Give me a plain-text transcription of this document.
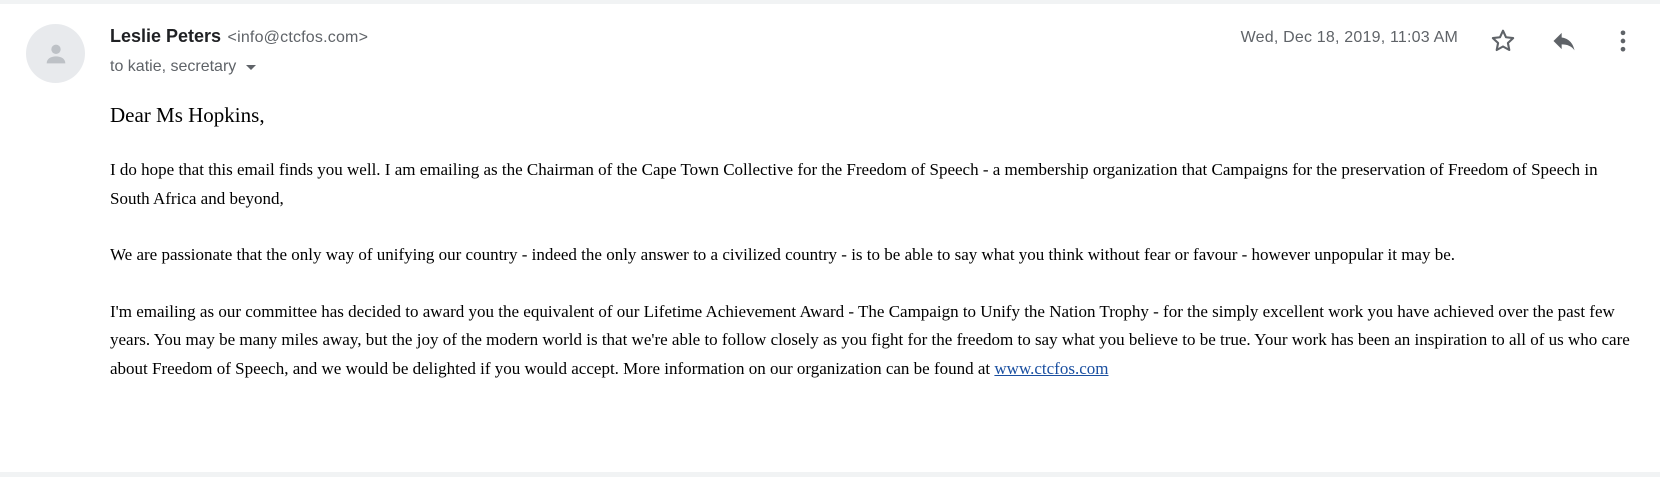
Leslie Peters <info@ctcfos.com>
to katie, secretary
Wed, Dec 18, 2019, 11:03 AM

Dear Ms Hopkins,

I do hope that this email finds you well. I am emailing as the Chairman of the Cape Town Collective for the Freedom of Speech - a membership organization that Campaigns for the preservation of Freedom of Speech in South Africa and beyond,

We are passionate that the only way of unifying our country - indeed the only answer to a civilized country - is to be able to say what you think without fear or favour - however unpopular it may be.

I'm emailing as our committee has decided to award you the equivalent of our Lifetime Achievement Award - The Campaign to Unify the Nation Trophy - for the simply excellent work you have achieved over the past few years. You may be many miles away, but the joy of the modern world is that we're able to follow closely as you fight for the freedom to say what you believe to be true. Your work has been an inspiration to all of us who care about Freedom of Speech, and we would be delighted if you would accept. More information on our organization can be found at www.ctcfos.com
